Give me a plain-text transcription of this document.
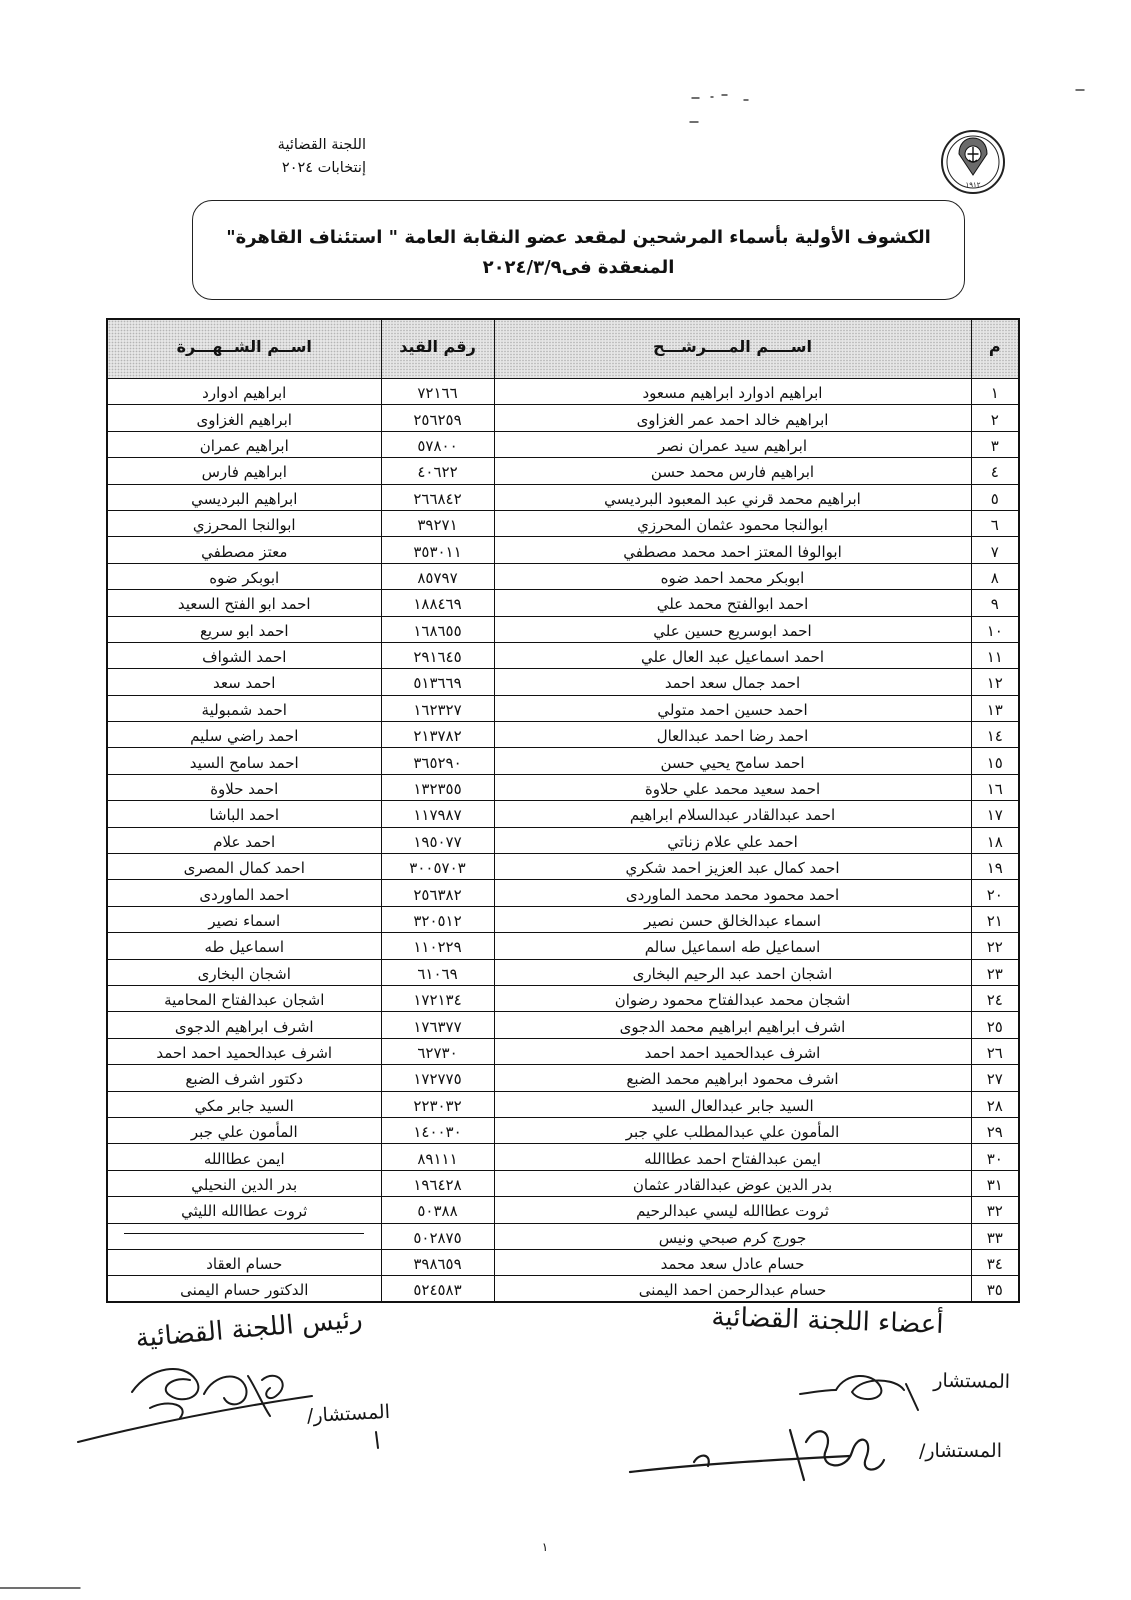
اللجنة القضائية
إنتخابات ٢٠٢٤
١٩١٢
الكشوف الأولية بأسماء المرشحين لمقعد عضو النقابة العامة " استئناف القاهرة"
المنعقدة فى٢٠٢٤/٣/٩
م	اســــم المــــرشـــح	رقم القيد	اســم الشــهـــرة
١	ابراهيم ادوارد ابراهيم مسعود	٧٢١٦٦	ابراهيم ادوارد
٢	ابراهيم خالد احمد عمر الغزاوى	٢٥٦٢٥٩	ابراهيم الغزاوى
٣	ابراهيم سيد عمران نصر	٥٧٨٠٠	ابراهيم عمران
٤	ابراهيم فارس محمد حسن	٤٠٦٢٢	ابراهيم فارس
٥	ابراهيم محمد قرني عبد المعبود البرديسي	٢٦٦٨٤٢	ابراهيم البرديسي
٦	ابوالنجا محمود عثمان المحرزي	٣٩٢٧١	ابوالنجا المحرزي
٧	ابوالوفا المعتز احمد محمد مصطفي	٣٥٣٠١١	معتز مصطفي
٨	ابوبكر محمد احمد ضوه	٨٥٧٩٧	ابوبكر ضوه
٩	احمد ابوالفتح محمد علي	١٨٨٤٦٩	احمد ابو الفتح السعيد
١٠	احمد ابوسريع حسين علي	١٦٨٦٥٥	احمد ابو سريع
١١	احمد اسماعيل عبد العال علي	٢٩١٦٤٥	احمد الشواف
١٢	احمد جمال سعد احمد	٥١٣٦٦٩	احمد سعد
١٣	احمد حسين احمد متولي	١٦٢٣٢٧	احمد شمبولية
١٤	احمد رضا احمد عبدالعال	٢١٣٧٨٢	احمد راضي سليم
١٥	احمد سامح يحيي حسن	٣٦٥٢٩٠	احمد سامح السيد
١٦	احمد سعيد محمد علي حلاوة	١٣٢٣٥٥	احمد حلاوة
١٧	احمد عبدالقادر عبدالسلام ابراهيم	١١٧٩٨٧	احمد الباشا
١٨	احمد علي علام زناتي	١٩٥٠٧٧	احمد علام
١٩	احمد كمال عبد العزيز احمد شكري	٣٠٠٥٧٠٣	احمد كمال المصرى
٢٠	احمد محمود محمد محمد الماوردى	٢٥٦٣٨٢	احمد الماوردى
٢١	اسماء عبدالخالق حسن نصير	٣٢٠٥١٢	اسماء نصير
٢٢	اسماعيل طه اسماعيل سالم	١١٠٢٢٩	اسماعيل طه
٢٣	اشجان احمد عبد الرحيم البخارى	٦١٠٦٩	اشجان البخارى
٢٤	اشجان محمد عبدالفتاح محمود رضوان	١٧٢١٣٤	اشجان عبدالفتاح المحامية
٢٥	اشرف ابراهيم ابراهيم محمد الدجوى	١٧٦٣٧٧	اشرف ابراهيم الدجوى
٢٦	اشرف عبدالحميد احمد احمد	٦٢٧٣٠	اشرف عبدالحميد احمد احمد
٢٧	اشرف محمود ابراهيم محمد الضبع	١٧٢٧٧٥	دكتور اشرف الضبع
٢٨	السيد جابر عبدالعال السيد	٢٢٣٠٣٢	السيد جابر مكي
٢٩	المأمون علي عبدالمطلب علي جبر	١٤٠٠٣٠	المأمون علي جبر
٣٠	ايمن عبدالفتاح احمد عطاالله	٨٩١١١	ايمن عطاالله
٣١	بدر الدين عوض عبدالقادر عثمان	١٩٦٤٢٨	بدر الدين النحيلي
٣٢	ثروت عطاالله ليسي عبدالرحيم	٥٠٣٨٨	ثروت عطاالله الليثي
٣٣	جورج كرم صبحي ونيس	٥٠٢٨٧٥	
٣٤	حسام عادل سعد محمد	٣٩٨٦٥٩	حسام العقاد
٣٥	حسام عبدالرحمن احمد اليمنى	٥٢٤٥٨٣	الدكتور حسام اليمنى
رئيس اللجنة القضائية
المستشار/
أعضاء اللجنة القضائية
المستشار
المستشار/
١
